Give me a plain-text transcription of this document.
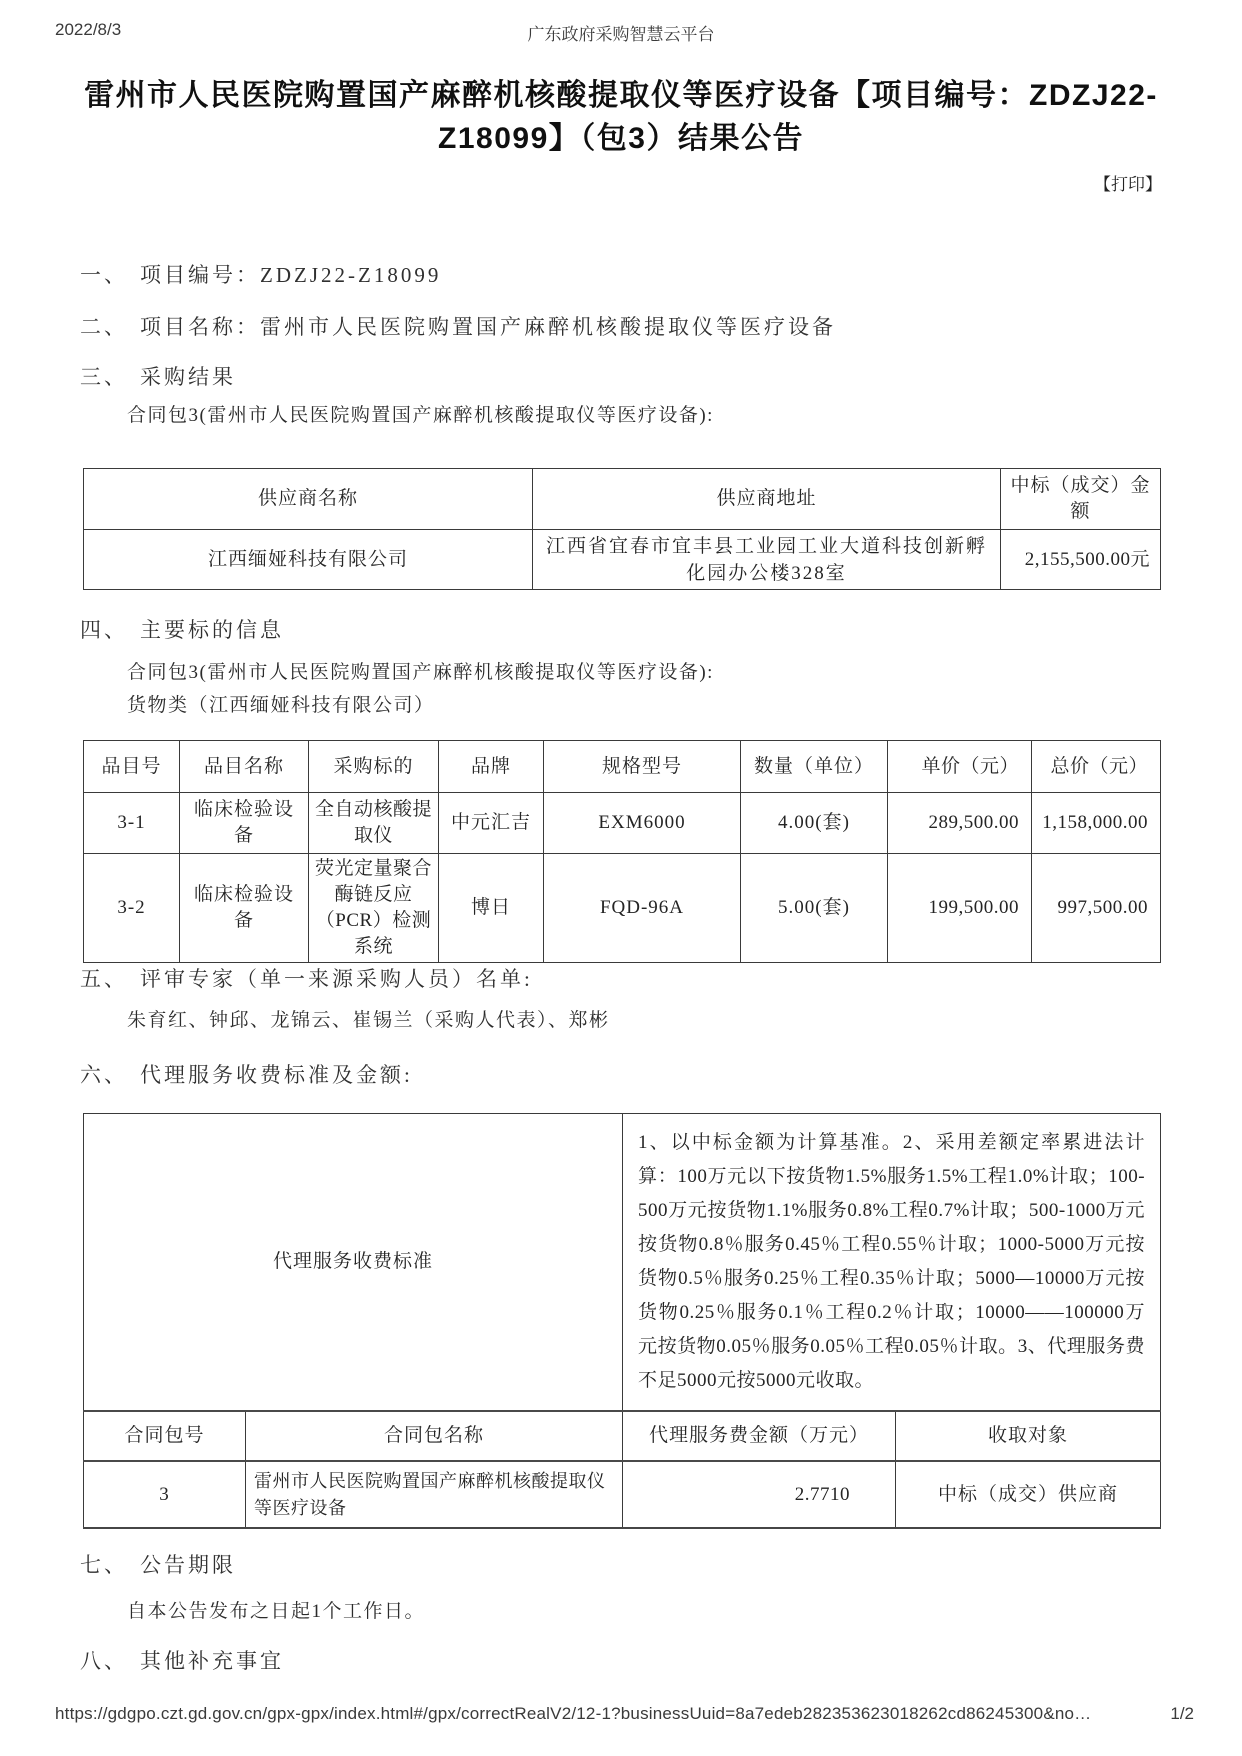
2022/8/3	广东政府采购智慧云平台
雷州市人民医院购置国产麻醉机核酸提取仪等医疗设备【项目编号：ZDZJ22-Z18099】（包3）结果公告
【打印】
一、 项目编号：ZDZJ22-Z18099
二、 项目名称：雷州市人民医院购置国产麻醉机核酸提取仪等医疗设备
三、 采购结果
合同包3(雷州市人民医院购置国产麻醉机核酸提取仪等医疗设备):
供应商名称	供应商地址	中标（成交）金额
江西缅娅科技有限公司	江西省宜春市宜丰县工业园工业大道科技创新孵化园办公楼328室	2,155,500.00元
四、 主要标的信息
合同包3(雷州市人民医院购置国产麻醉机核酸提取仪等医疗设备):
货物类（江西缅娅科技有限公司）
品目号	品目名称	采购标的	品牌	规格型号	数量（单位）	单价（元）	总价（元）
3-1	临床检验设备	全自动核酸提取仪	中元汇吉	EXM6000	4.00(套)	289,500.00	1,158,000.00
3-2	临床检验设备	荧光定量聚合酶链反应（PCR）检测系统	博日	FQD-96A	5.00(套)	199,500.00	997,500.00
五、 评审专家（单一来源采购人员）名单:
朱育红、钟邱、龙锦云、崔锡兰（采购人代表）、郑彬
六、 代理服务收费标准及金额:
代理服务收费标准		1、以中标金额为计算基准。2、采用差额定率累进法计算：100万元以下按货物1.5%服务1.5%工程1.0%计取；100-500万元按货物1.1%服务0.8%工程0.7%计取；500-1000万元按货物0.8％服务0.45％工程0.55％计取；1000-5000万元按货物0.5％服务0.25％工程0.35％计取；5000—10000万元按货物0.25％服务0.1％工程0.2％计取；10000——100000万元按货物0.05％服务0.05％工程0.05％计取。3、代理服务费不足5000元按5000元收取。	
合同包号	合同包名称	代理服务费金额（万元）	收取对象
3	雷州市人民医院购置国产麻醉机核酸提取仪等医疗设备	2.7710	中标（成交）供应商
七、 公告期限
自本公告发布之日起1个工作日。
八、 其他补充事宜
https://gdgpo.czt.gd.gov.cn/gpx-gpx/index.html#/gpx/correctRealV2/12-1?businessUuid=8a7edeb282353623018262cd86245300&no…	1/2
